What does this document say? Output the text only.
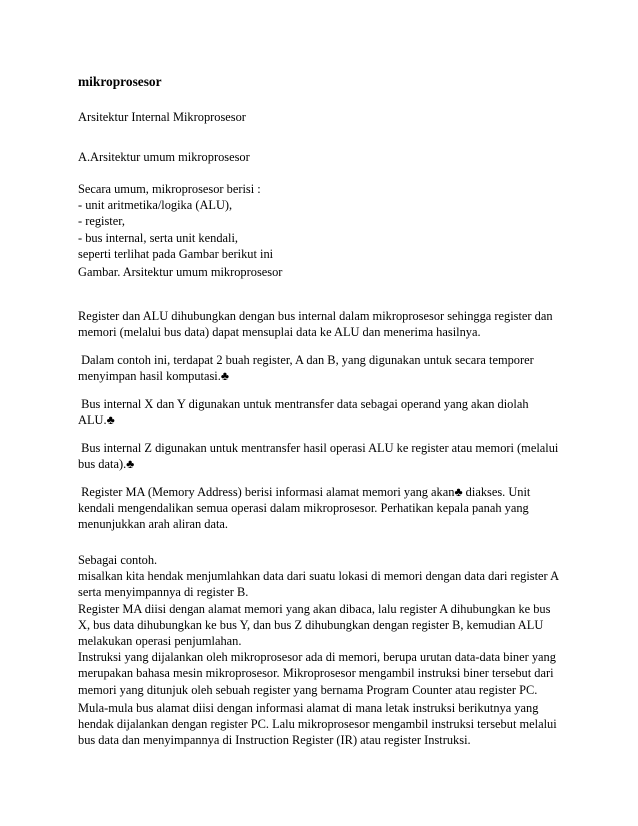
mikroprosesor
Arsitektur Internal Mikroprosesor
A.Arsitektur umum mikroprosesor
Secara umum, mikroprosesor berisi :
- unit aritmetika/logika (ALU),
- register,
- bus internal, serta unit kendali,
seperti terlihat pada Gambar berikut ini
Gambar. Arsitektur umum mikroprosesor
Register dan ALU dihubungkan dengan bus internal dalam mikroprosesor sehingga register dan
memori (melalui bus data) dapat mensuplai data ke ALU dan menerima hasilnya.
Dalam contoh ini, terdapat 2 buah register, A dan B, yang digunakan untuk secara temporer
menyimpan hasil komputasi.♣
Bus internal X dan Y digunakan untuk mentransfer data sebagai operand yang akan diolah
ALU.♣
Bus internal Z digunakan untuk mentransfer hasil operasi ALU ke register atau memori (melalui
bus data).♣
Register MA (Memory Address) berisi informasi alamat memori yang akan♣ diakses. Unit
kendali mengendalikan semua operasi dalam mikroprosesor. Perhatikan kepala panah yang
menunjukkan arah aliran data.
Sebagai contoh.
misalkan kita hendak menjumlahkan data dari suatu lokasi di memori dengan data dari register A
serta menyimpannya di register B.
Register MA diisi dengan alamat memori yang akan dibaca, lalu register A dihubungkan ke bus
X, bus data dihubungkan ke bus Y, dan bus Z dihubungkan dengan register B, kemudian ALU
melakukan operasi penjumlahan.
Instruksi yang dijalankan oleh mikroprosesor ada di memori, berupa urutan data-data biner yang
merupakan bahasa mesin mikroprosesor. Mikroprosesor mengambil instruksi biner tersebut dari
memori yang ditunjuk oleh sebuah register yang bernama Program Counter atau register PC.
Mula-mula bus alamat diisi dengan informasi alamat di mana letak instruksi berikutnya yang
hendak dijalankan dengan register PC. Lalu mikroprosesor mengambil instruksi tersebut melalui
bus data dan menyimpannya di Instruction Register (IR) atau register Instruksi.
